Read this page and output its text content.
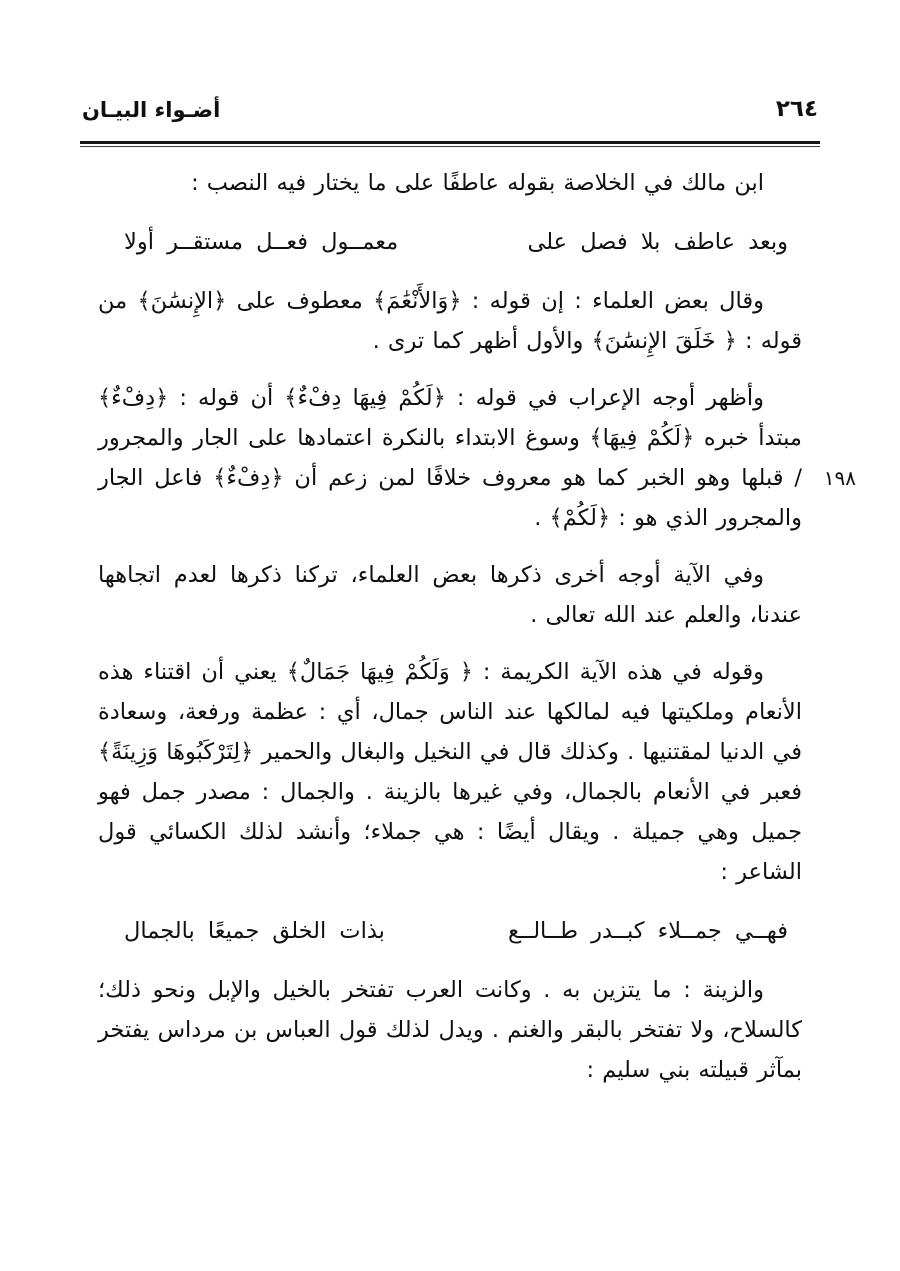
٢٦٤
أضـواء البيـان
١٩٨

ابن مالك في الخلاصة بقوله عاطفًا على ما يختار فيه النصب :

وبعد عاطف بلا فصل على
معمــول فعــل مستقــر أولا

وقال بعض العلماء : إن قوله : ﴿وَالأَنْعَٰمَ﴾ معطوف على ﴿الإِنسَٰنَ﴾ من قوله : ﴿ خَلَقَ الإِنسَٰنَ﴾ والأول أظهر كما ترى .

وأظهر أوجه الإعراب في قوله : ﴿لَكُمْ فِيهَا دِفْءٌ﴾ أن قوله : ﴿دِفْءٌ﴾ مبتدأ خبره ﴿لَكُمْ فِيهَا﴾ وسوغ الابتداء بالنكرة اعتمادها على الجار والمجرور / قبلها وهو الخبر كما هو معروف خلافًا لمن زعم أن ﴿دِفْءٌ﴾ فاعل الجار والمجرور الذي هو : ﴿لَكُمْ﴾ .

وفي الآية أوجه أخرى ذكرها بعض العلماء، تركنا ذكرها لعدم اتجاهها عندنا، والعلم عند الله تعالى .

وقوله في هذه الآية الكريمة : ﴿ وَلَكُمْ فِيهَا جَمَالٌ﴾ يعني أن اقتناء هذه الأنعام وملكيتها فيه لمالكها عند الناس جمال، أي : عظمة ورفعة، وسعادة في الدنيا لمقتنيها . وكذلك قال في النخيل والبغال والحمير ﴿لِتَرْكَبُوهَا وَزِينَةً﴾ فعبر في الأنعام بالجمال، وفي غيرها بالزينة . والجمال : مصدر جمل فهو جميل وهي جميلة . ويقال أيضًا : هي جملاء؛ وأنشد لذلك الكسائي قول الشاعر :

فهــي جمــلاء كبــدر طــالــع
بذات الخلق جميعًا بالجمال

والزينة : ما يتزين به . وكانت العرب تفتخر بالخيل والإبل ونحو ذلك؛ كالسلاح، ولا تفتخر بالبقر والغنم . ويدل لذلك قول العباس بن مرداس يفتخر بمآثر قبيلته بني سليم :
